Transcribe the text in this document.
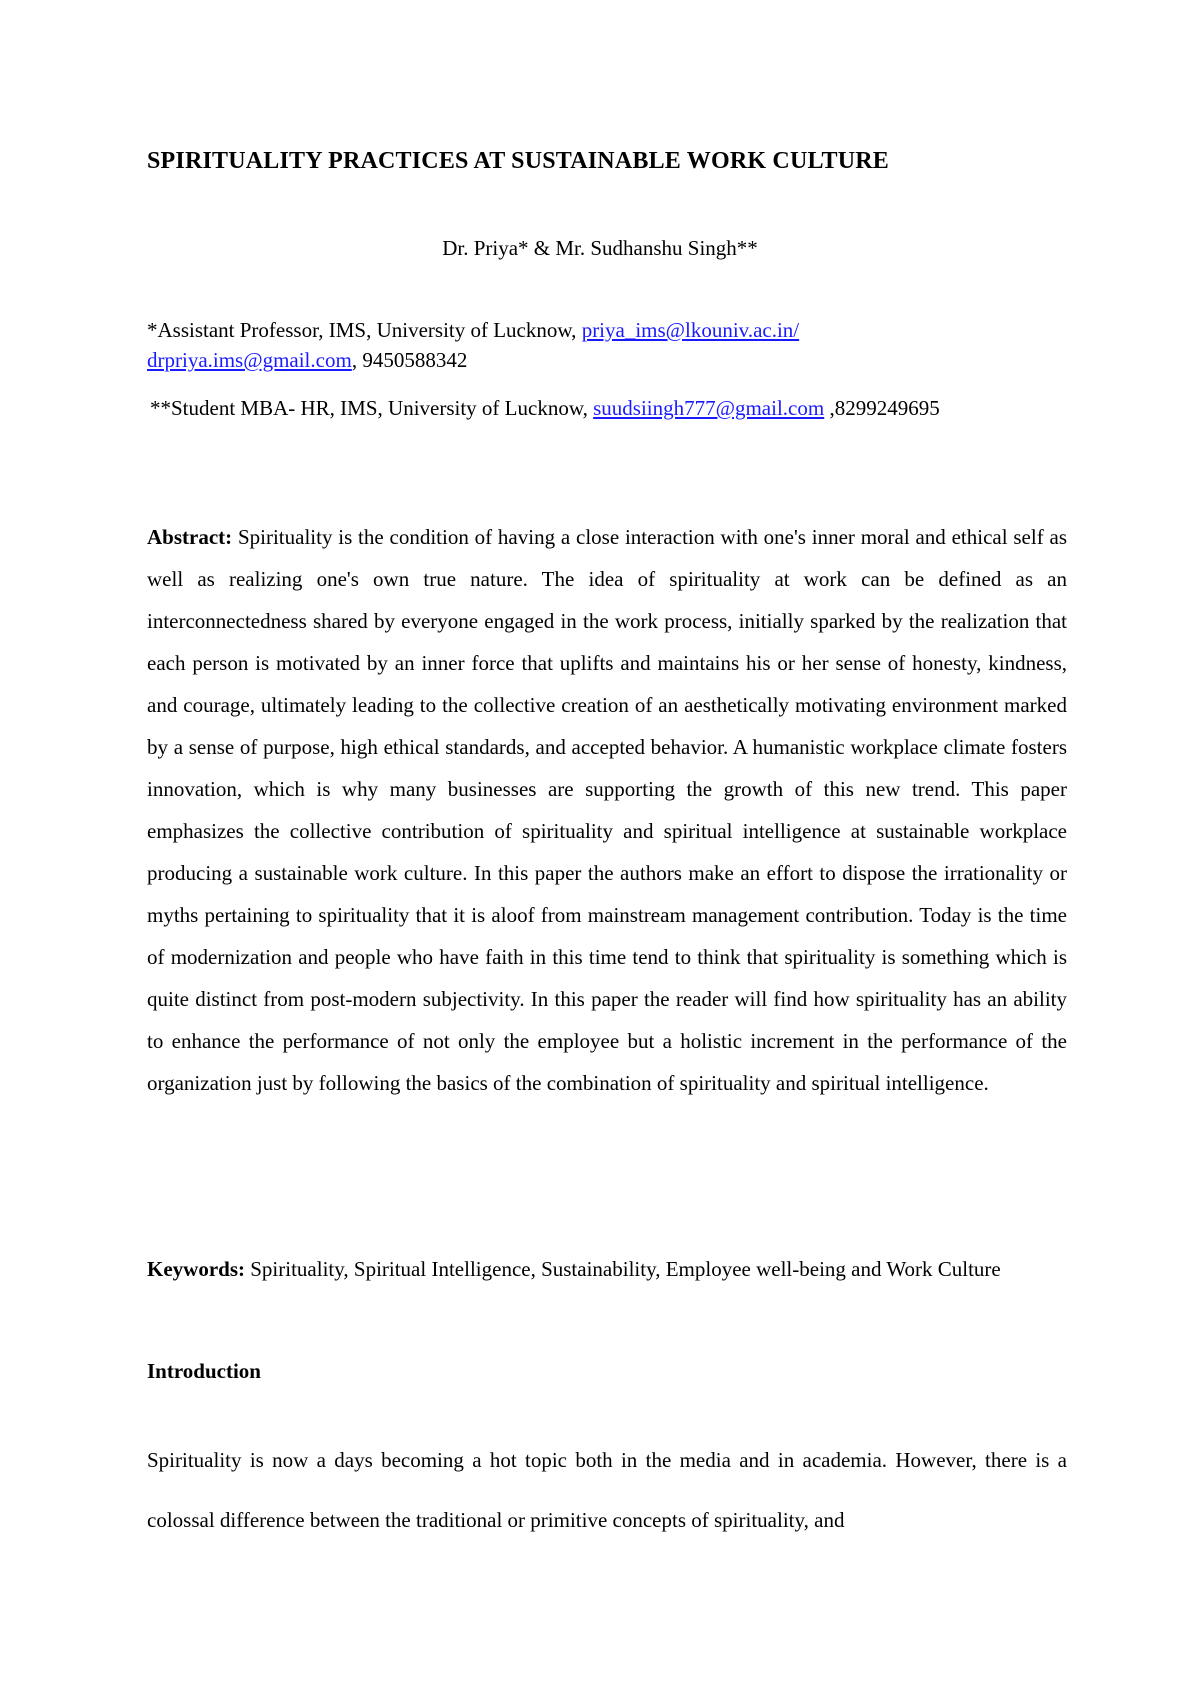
SPIRITUALITY PRACTICES AT SUSTAINABLE WORK CULTURE
Dr. Priya* & Mr. Sudhanshu Singh**
*Assistant Professor, IMS, University of Lucknow, priya_ims@lkouniv.ac.in/
drpriya.ims@gmail.com, 9450588342
**Student MBA- HR, IMS, University of Lucknow, suudsiingh777@gmail.com ,8299249695
Abstract: Spirituality is the condition of having a close interaction with one's inner moral and ethical self as well as realizing one's own true nature. The idea of spirituality at work can be defined as an interconnectedness shared by everyone engaged in the work process, initially sparked by the realization that each person is motivated by an inner force that uplifts and maintains his or her sense of honesty, kindness, and courage, ultimately leading to the collective creation of an aesthetically motivating environment marked by a sense of purpose, high ethical standards, and accepted behavior. A humanistic workplace climate fosters innovation, which is why many businesses are supporting the growth of this new trend. This paper emphasizes the collective contribution of spirituality and spiritual intelligence at sustainable workplace producing a sustainable work culture. In this paper the authors make an effort to dispose the irrationality or myths pertaining to spirituality that it is aloof from mainstream management contribution. Today is the time of modernization and people who have faith in this time tend to think that spirituality is something which is quite distinct from post-modern subjectivity. In this paper the reader will find how spirituality has an ability to enhance the performance of not only the employee but a holistic increment in the performance of the organization just by following the basics of the combination of spirituality and spiritual intelligence.
Keywords: Spirituality, Spiritual Intelligence, Sustainability, Employee well-being and Work Culture
Introduction
Spirituality is now a days becoming a hot topic both in the media and in academia. However, there is a colossal difference between the traditional or primitive concepts of spirituality, and
